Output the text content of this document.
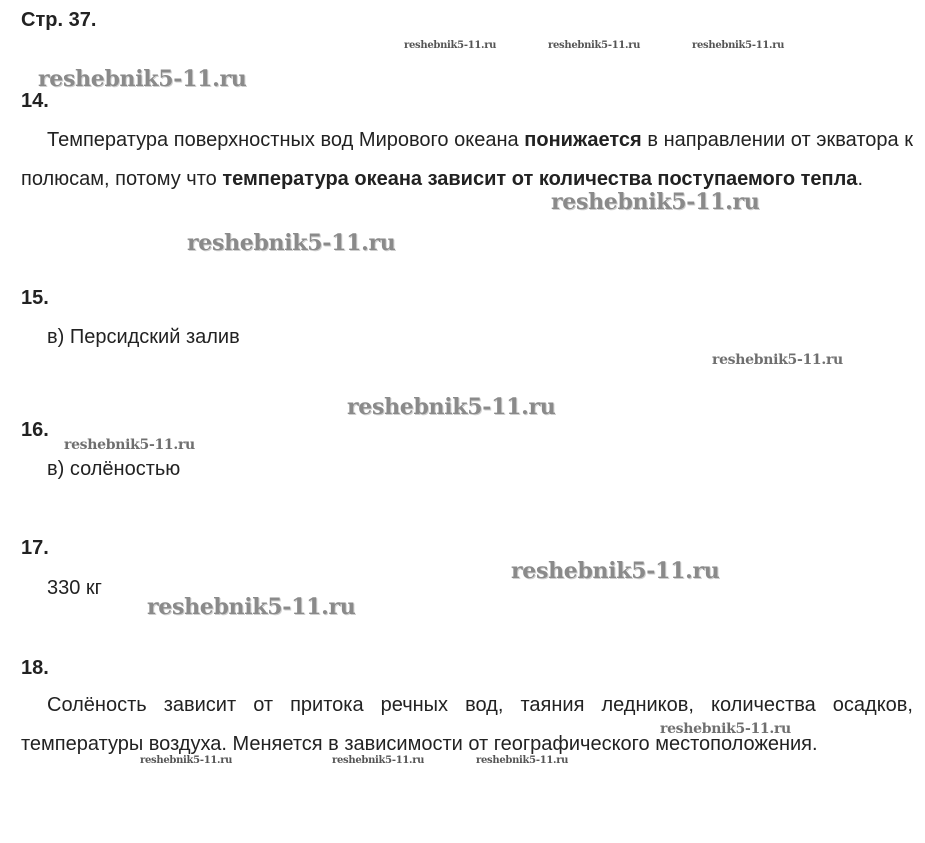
Стр. 37.
reshebnik5-11.ru	reshebnik5-11.ru	reshebnik5-11.ru
reshebnik5-11.ru
14.
Температура поверхностных вод Мирового океана понижается в направлении от экватора к полюсам, потому что температура океана зависит от количества поступаемого тепла.
reshebnik5-11.ru
reshebnik5-11.ru
15.
в) Персидский залив
reshebnik5-11.ru
reshebnik5-11.ru
16.
reshebnik5-11.ru
в) солёностью
17.
reshebnik5-11.ru
330 кг
reshebnik5-11.ru
18.
Солёность зависит от притока речных вод, таяния ледников, количества осадков, температуры воздуха. Меняется в зависимости от географического местоположения.
reshebnik5-11.ru
reshebnik5-11.ru	reshebnik5-11.ru	reshebnik5-11.ru
